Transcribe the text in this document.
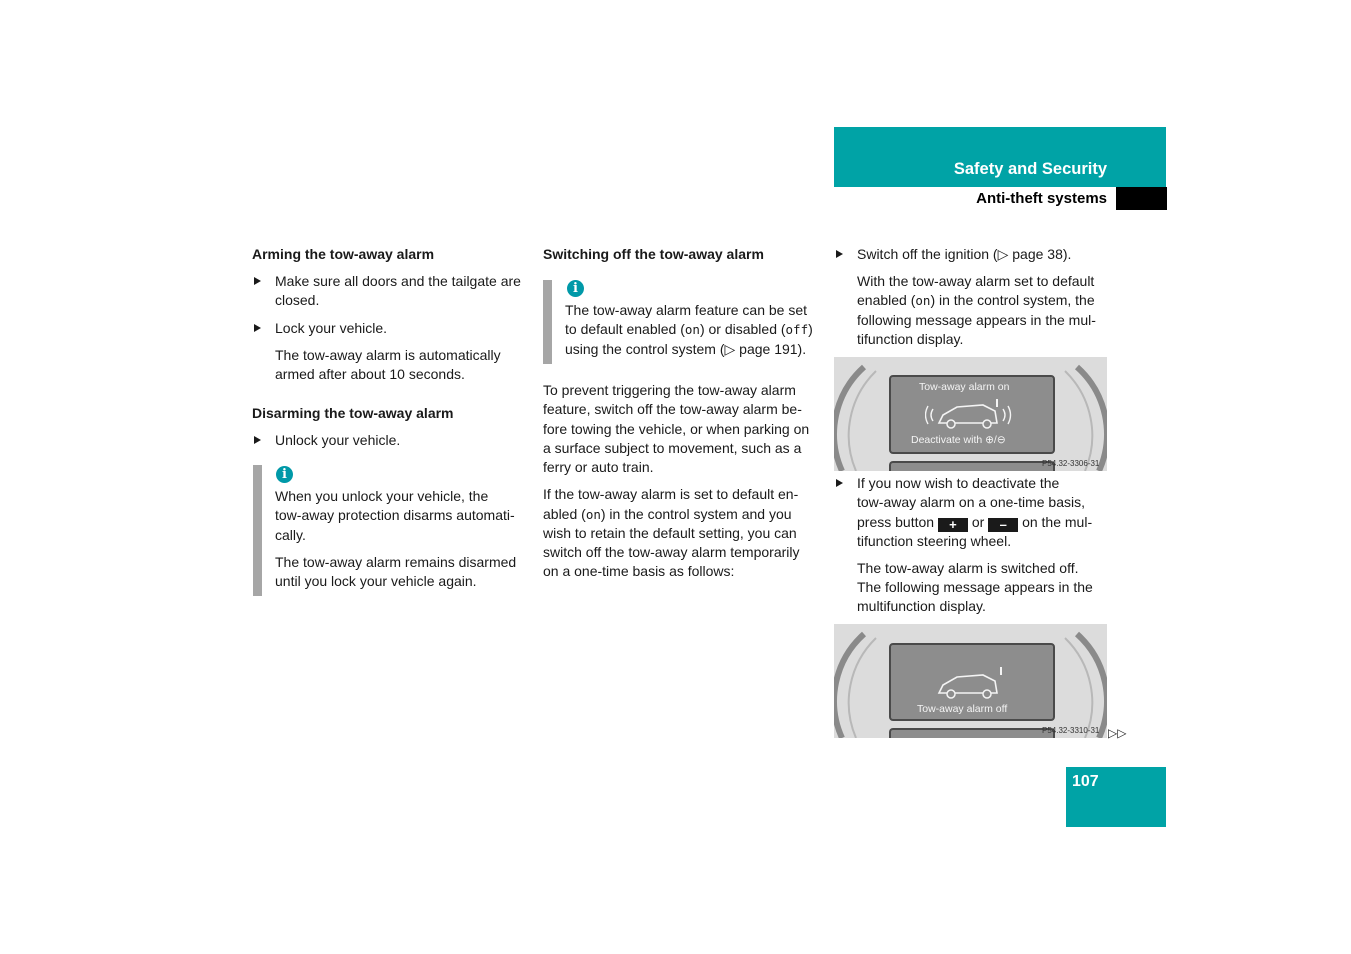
Safety and Security
Anti-theft systems
Arming the tow-away alarm
Make sure all doors and the tailgate are
closed.
Lock your vehicle.
The tow-away alarm is automatically
armed after about 10 seconds.
Disarming the tow-away alarm
Unlock your vehicle.
i
When you unlock your vehicle, the
tow-away protection disarms automati-
cally.
The tow-away alarm remains disarmed
until you lock your vehicle again.
Switching off the tow-away alarm
i
The tow-away alarm feature can be set
to default enabled (on) or disabled (off)
using the control system (▷ page 191).
To prevent triggering the tow-away alarm
feature, switch off the tow-away alarm be-
fore towing the vehicle, or when parking on
a surface subject to movement, such as a
ferry or auto train.
If the tow-away alarm is set to default en-
abled (on) in the control system and you
wish to retain the default setting, you can
switch off the tow-away alarm temporarily
on a one-time basis as follows:
Switch off the ignition (▷ page 38).
With the tow-away alarm set to default
enabled (on) in the control system, the
following message appears in the mul-
tifunction display.
Tow-away alarm on
Deactivate with ⊕/⊖
P54.32-3306-31
If you now wish to deactivate the
tow-away alarm on a one-time basis,
press button + or – on the mul-
tifunction steering wheel.
The tow-away alarm is switched off.
The following message appears in the
multifunction display.
Tow-away alarm off
P54.32-3310-31 ▷▷
107
